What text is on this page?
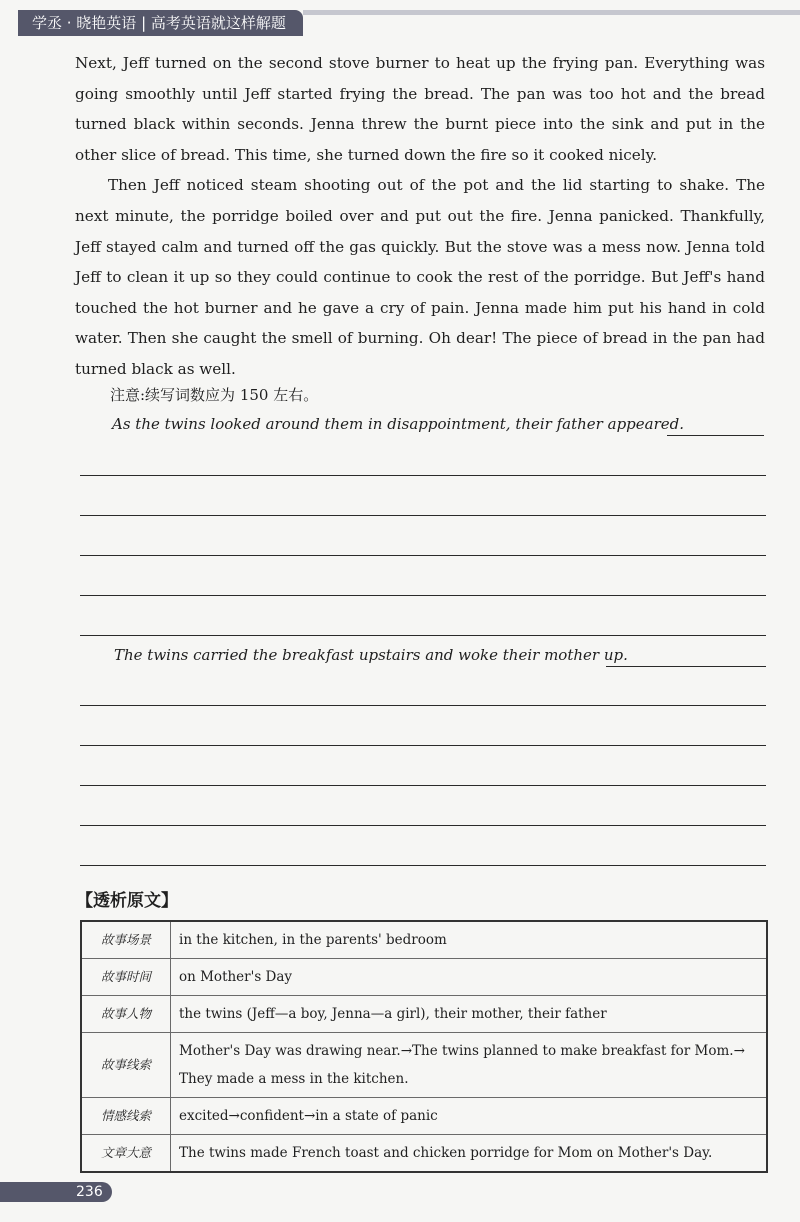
学丞 · 晓艳英语 | 高考英语就这样解题

Next, Jeff turned on the second stove burner to heat up the frying pan. Everything was going smoothly until Jeff started frying the bread. The pan was too hot and the bread turned black within seconds. Jenna threw the burnt piece into the sink and put in the other slice of bread. This time, she turned down the fire so it cooked nicely.

Then Jeff noticed steam shooting out of the pot and the lid starting to shake. The next minute, the porridge boiled over and put out the fire. Jenna panicked. Thankfully, Jeff stayed calm and turned off the gas quickly. But the stove was a mess now. Jenna told Jeff to clean it up so they could continue to cook the rest of the porridge. But Jeff's hand touched the hot burner and he gave a cry of pain. Jenna made him put his hand in cold water. Then she caught the smell of burning. Oh dear! The piece of bread in the pan had turned black as well.

注意:续写词数应为 150 左右。
As the twins looked around them in disappointment, their father appeared.
The twins carried the breakfast upstairs and woke their mother up.
【透析原文】
故事场景	in the kitchen, in the parents' bedroom
故事时间	on Mother's Day
故事人物	the twins (Jeff—a boy, Jenna—a girl), their mother, their father
故事线索	Mother's Day was drawing near.→The twins planned to make breakfast for Mom.→ They made a mess in the kitchen.
情感线索	excited→confident→in a state of panic
文章大意	The twins made French toast and chicken porridge for Mom on Mother's Day.
236
